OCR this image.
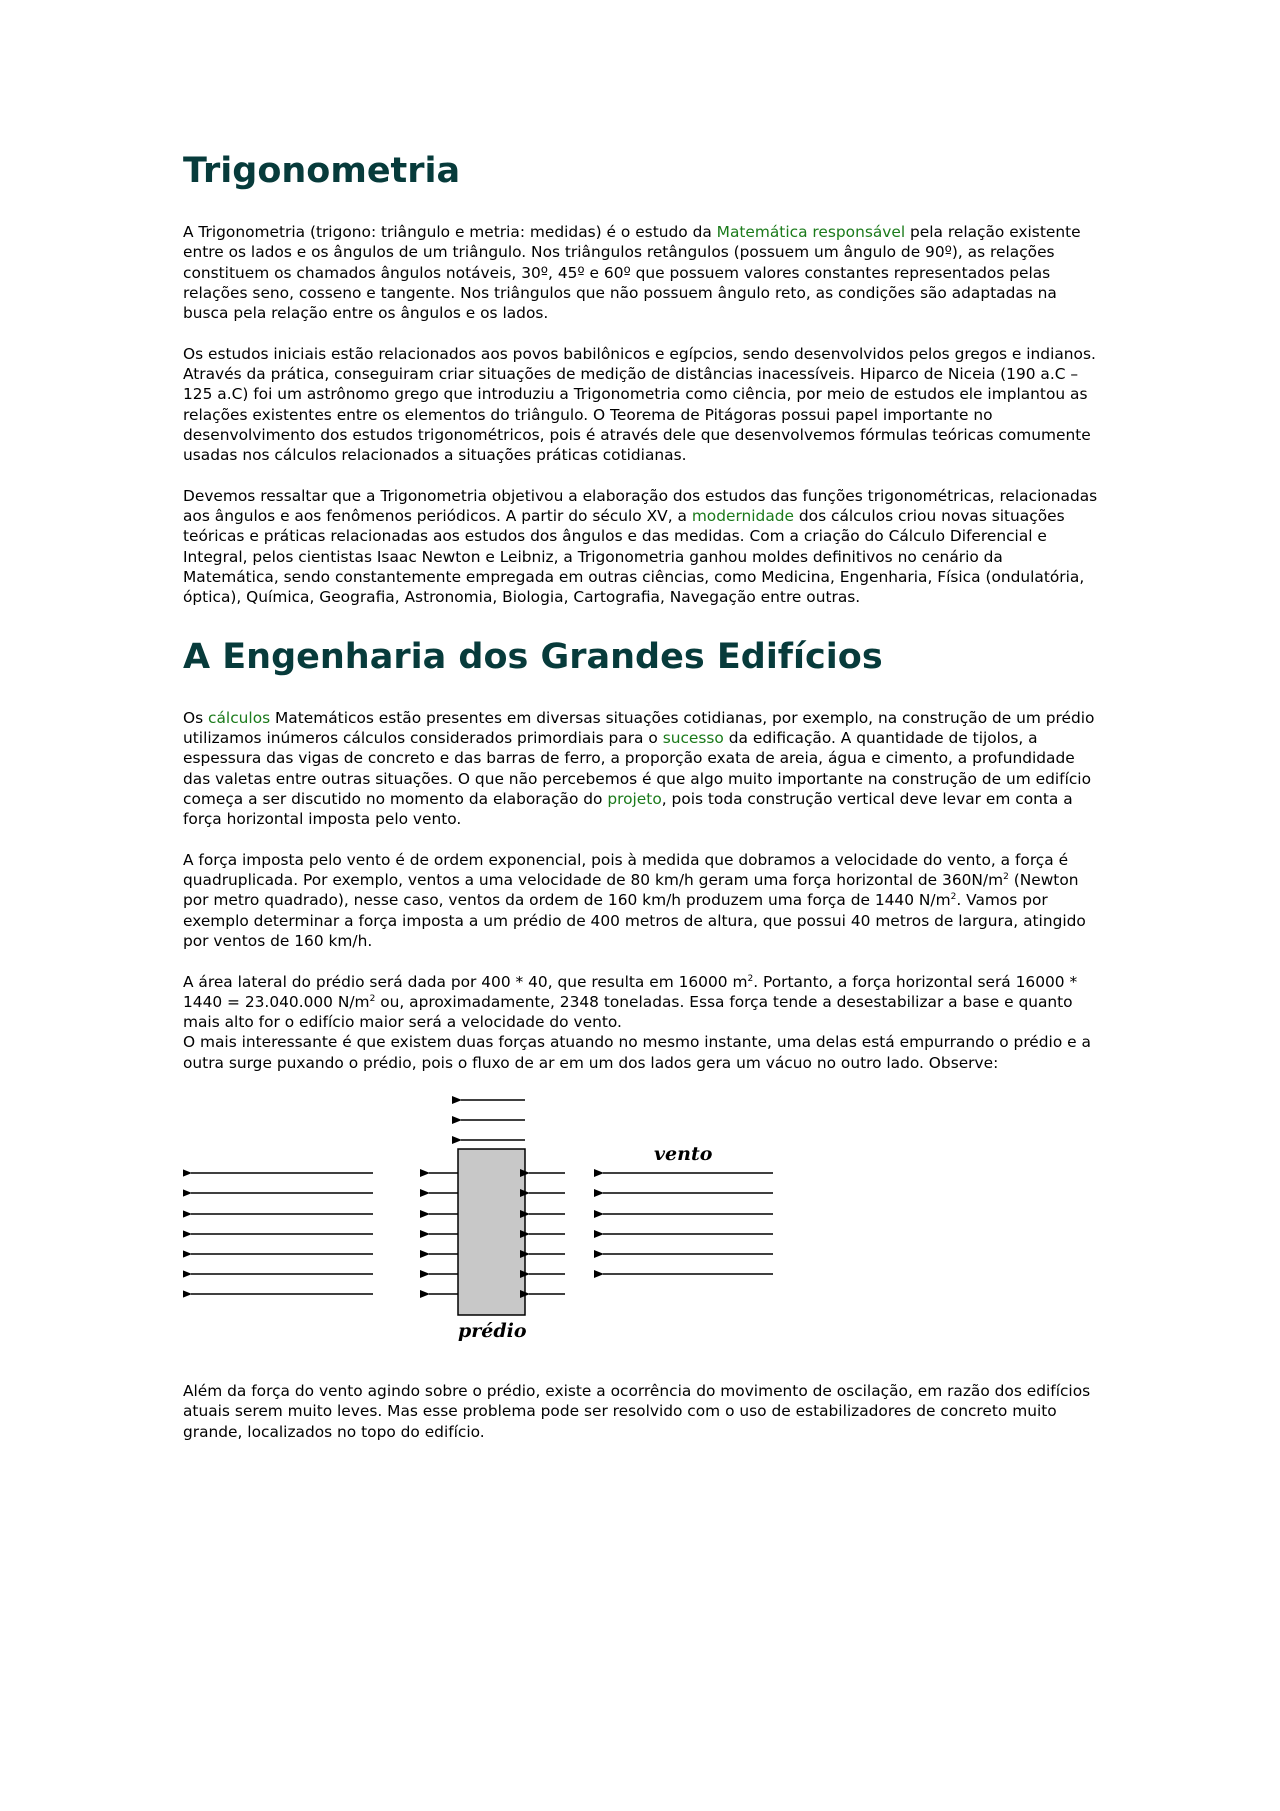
Trigonometria

A Trigonometria (trigono: triângulo e metria: medidas) é o estudo da Matemática responsável pela relação existente entre os lados e os ângulos de um triângulo. Nos triângulos retângulos (possuem um ângulo de 90º), as relações constituem os chamados ângulos notáveis, 30º, 45º e 60º que possuem valores constantes representados pelas relações seno, cosseno e tangente. Nos triângulos que não possuem ângulo reto, as condições são adaptadas na busca pela relação entre os ângulos e os lados.

Os estudos iniciais estão relacionados aos povos babilônicos e egípcios, sendo desenvolvidos pelos gregos e indianos. Através da prática, conseguiram criar situações de medição de distâncias inacessíveis. Hiparco de Niceia (190 a.C – 125 a.C) foi um astrônomo grego que introduziu a Trigonometria como ciência, por meio de estudos ele implantou as relações existentes entre os elementos do triângulo. O Teorema de Pitágoras possui papel importante no desenvolvimento dos estudos trigonométricos, pois é através dele que desenvolvemos fórmulas teóricas comumente usadas nos cálculos relacionados a situações práticas cotidianas.

Devemos ressaltar que a Trigonometria objetivou a elaboração dos estudos das funções trigonométricas, relacionadas aos ângulos e aos fenômenos periódicos. A partir do século XV, a modernidade dos cálculos criou novas situações teóricas e práticas relacionadas aos estudos dos ângulos e das medidas. Com a criação do Cálculo Diferencial e Integral, pelos cientistas Isaac Newton e Leibniz, a Trigonometria ganhou moldes definitivos no cenário da Matemática, sendo constantemente empregada em outras ciências, como Medicina, Engenharia, Física (ondulatória, óptica), Química, Geografia, Astronomia, Biologia, Cartografia, Navegação entre outras.

A Engenharia dos Grandes Edifícios

Os cálculos Matemáticos estão presentes em diversas situações cotidianas, por exemplo, na construção de um prédio utilizamos inúmeros cálculos considerados primordiais para o sucesso da edificação. A quantidade de tijolos, a espessura das vigas de concreto e das barras de ferro, a proporção exata de areia, água e cimento, a profundidade das valetas entre outras situações. O que não percebemos é que algo muito importante na construção de um edifício começa a ser discutido no momento da elaboração do projeto, pois toda construção vertical deve levar em conta a força horizontal imposta pelo vento.

A força imposta pelo vento é de ordem exponencial, pois à medida que dobramos a velocidade do vento, a força é quadruplicada. Por exemplo, ventos a uma velocidade de 80 km/h geram uma força horizontal de $360N/m^2$ (Newton por metro quadrado), nesse caso, ventos da ordem de 160 km/h produzem uma força de 1440 $N/m^2$. Vamos por exemplo determinar a força imposta a um prédio de 400 metros de altura, que possui 40 metros de largura, atingido por ventos de 160 km/h.

A área lateral do prédio será dada por 400 * 40, que resulta em 16000 $m^2$. Portanto, a força horizontal será 16000 * 1440 = 23.040.000 $N/m^2$ ou, aproximadamente, 2348 toneladas. Essa força tende a desestabilizar a base e quanto mais alto for o edifício maior será a velocidade do vento.

O mais interessante é que existem duas forças atuando no mesmo instante, uma delas está empurrando o prédio e a outra surge puxando o prédio, pois o fluxo de ar em um dos lados gera um vácuo no outro lado. Observe:

vento
prédio

Além da força do vento agindo sobre o prédio, existe a ocorrência do movimento de oscilação, em razão dos edifícios atuais serem muito leves. Mas esse problema pode ser resolvido com o uso de estabilizadores de concreto muito grande, localizados no topo do edifício.
